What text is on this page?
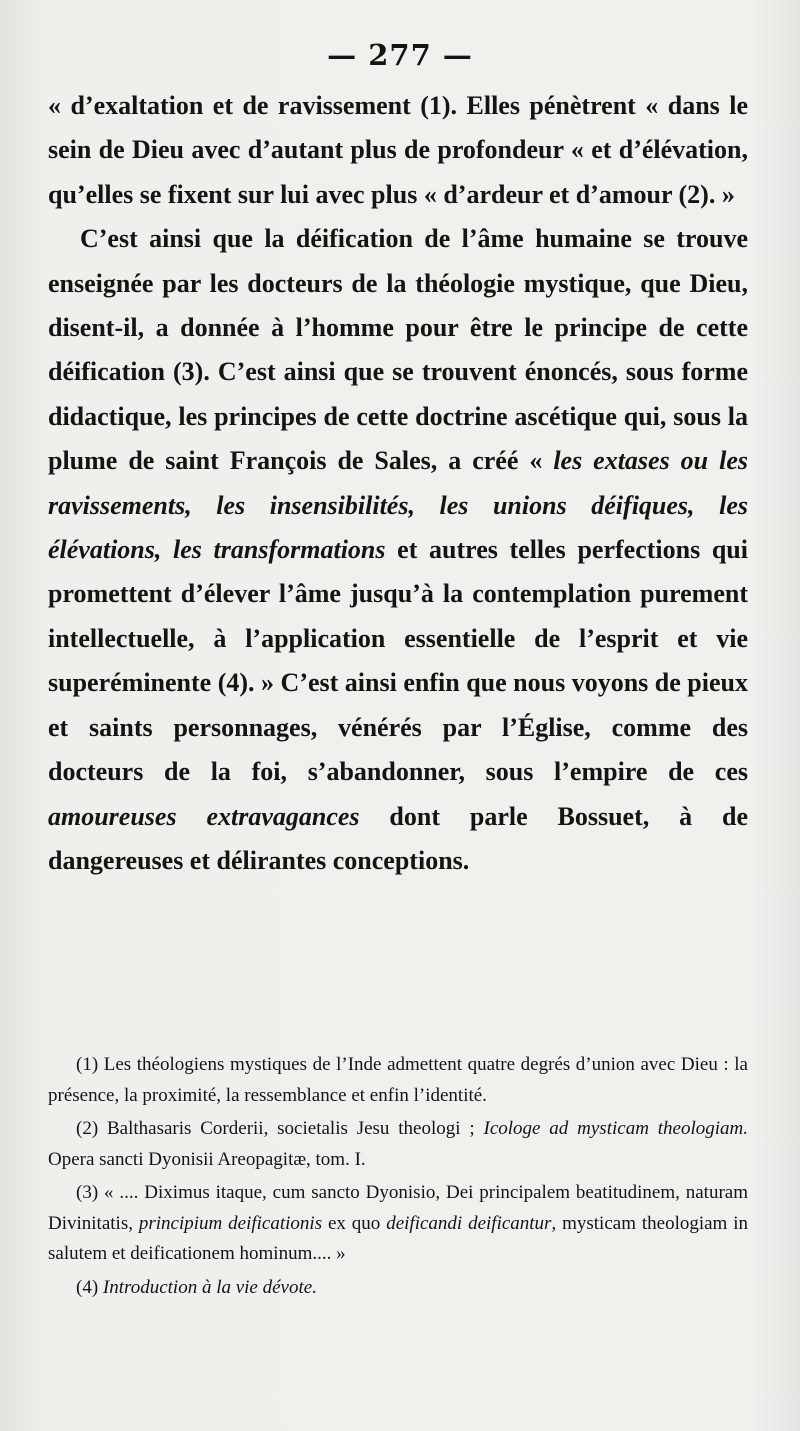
— 277 —

« d’exaltation et de ravissement (1). Elles pénètrent « dans le sein de Dieu avec d’autant plus de profondeur « et d’élévation, qu’elles se fixent sur lui avec plus « d’ardeur et d’amour (2). »

C’est ainsi que la déification de l’âme humaine se trouve enseignée par les docteurs de la théologie mystique, que Dieu, disent-il, a donnée à l’homme pour être le principe de cette déification (3). C’est ainsi que se trouvent énoncés, sous forme didactique, les principes de cette doctrine ascétique qui, sous la plume de saint François de Sales, a créé « les extases ou les ravissements, les insensibilités, les unions déifiques, les élévations, les transformations et autres telles perfections qui promettent d’élever l’âme jusqu’à la contemplation purement intellectuelle, à l’application essentielle de l’esprit et vie superéminente (4). » C’est ainsi enfin que nous voyons de pieux et saints personnages, vénérés par l’Église, comme des docteurs de la foi, s’abandonner, sous l’empire de ces amoureuses extravagances dont parle Bossuet, à de dangereuses et délirantes conceptions.

(1) Les théologiens mystiques de l’Inde admettent quatre degrés d’union avec Dieu : la présence, la proximité, la ressemblance et enfin l’identité.

(2) Balthasaris Corderii, societalis Jesu theologi ; Icologe ad mysticam theologiam. Opera sancti Dyonisii Areopagitæ, tom. I.

(3) « .... Diximus itaque, cum sancto Dyonisio, Dei principalem beatitudinem, naturam Divinitatis, principium deificationis ex quo deificandi deificantur, mysticam theologiam in salutem et deificationem hominum.... »

(4) Introduction à la vie dévote.
